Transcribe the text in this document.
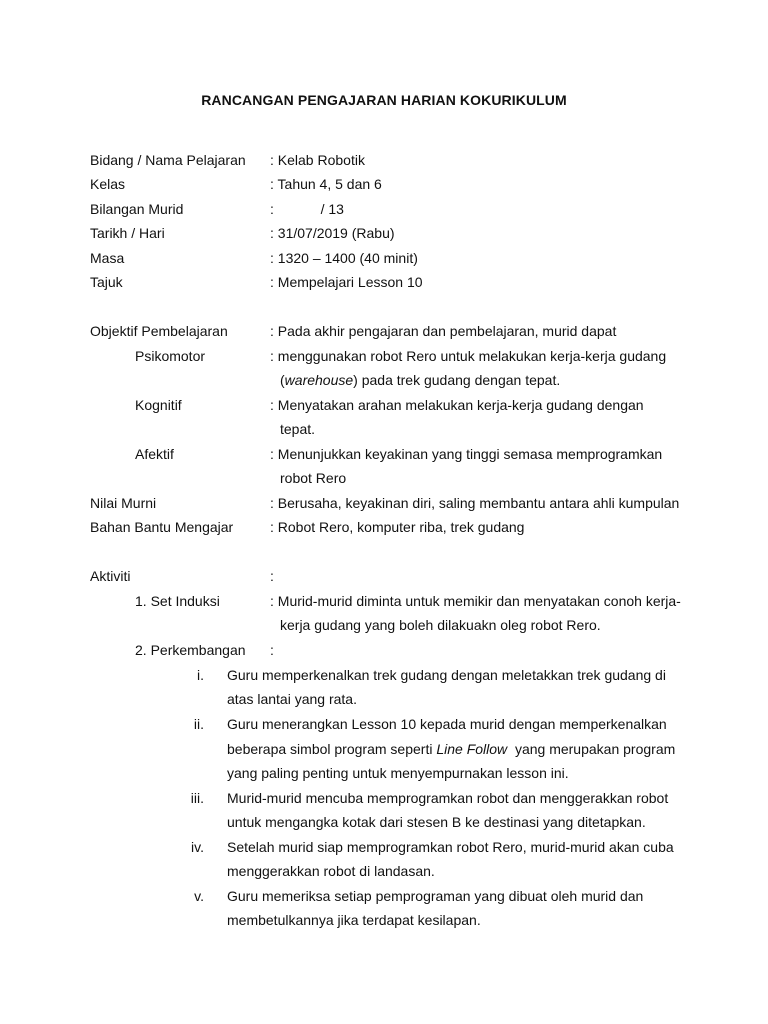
RANCANGAN PENGAJARAN HARIAN KOKURIKULUM
Bidang / Nama Pelajaran : Kelab Robotik
Kelas	: Tahun 4, 5 dan 6
Bilangan Murid	:            / 13
Tarikh / Hari	: 31/07/2019 (Rabu)
Masa	: 1320 – 1400 (40 minit)
Tajuk	: Mempelajari Lesson 10
Objektif Pembelajaran	: Pada akhir pengajaran dan pembelajaran, murid dapat
Psikomotor	: menggunakan robot Rero untuk melakukan kerja-kerja gudang
(warehouse) pada trek gudang dengan tepat.
Kognitif	: Menyatakan arahan melakukan kerja-kerja gudang dengan
tepat.
Afektif	: Menunjukkan keyakinan yang tinggi semasa memprogramkan
robot Rero
Nilai Murni	: Berusaha, keyakinan diri, saling membantu antara ahli kumpulan
Bahan Bantu Mengajar	: Robot Rero, komputer riba, trek gudang
Aktiviti	:
1. Set Induksi	: Murid-murid diminta untuk memikir dan menyatakan conoh kerja-
kerja gudang yang boleh dilakuakn oleg robot Rero.
2. Perkembangan :
i. Guru memperkenalkan trek gudang dengan meletakkan trek gudang di
atas lantai yang rata.
ii. Guru menerangkan Lesson 10 kepada murid dengan memperkenalkan
beberapa simbol program seperti Line Follow  yang merupakan program
yang paling penting untuk menyempurnakan lesson ini.
iii. Murid-murid mencuba memprogramkan robot dan menggerakkan robot
untuk mengangka kotak dari stesen B ke destinasi yang ditetapkan.
iv. Setelah murid siap memprogramkan robot Rero, murid-murid akan cuba
menggerakkan robot di landasan.
v. Guru memeriksa setiap pemprograman yang dibuat oleh murid dan
membetulkannya jika terdapat kesilapan.
